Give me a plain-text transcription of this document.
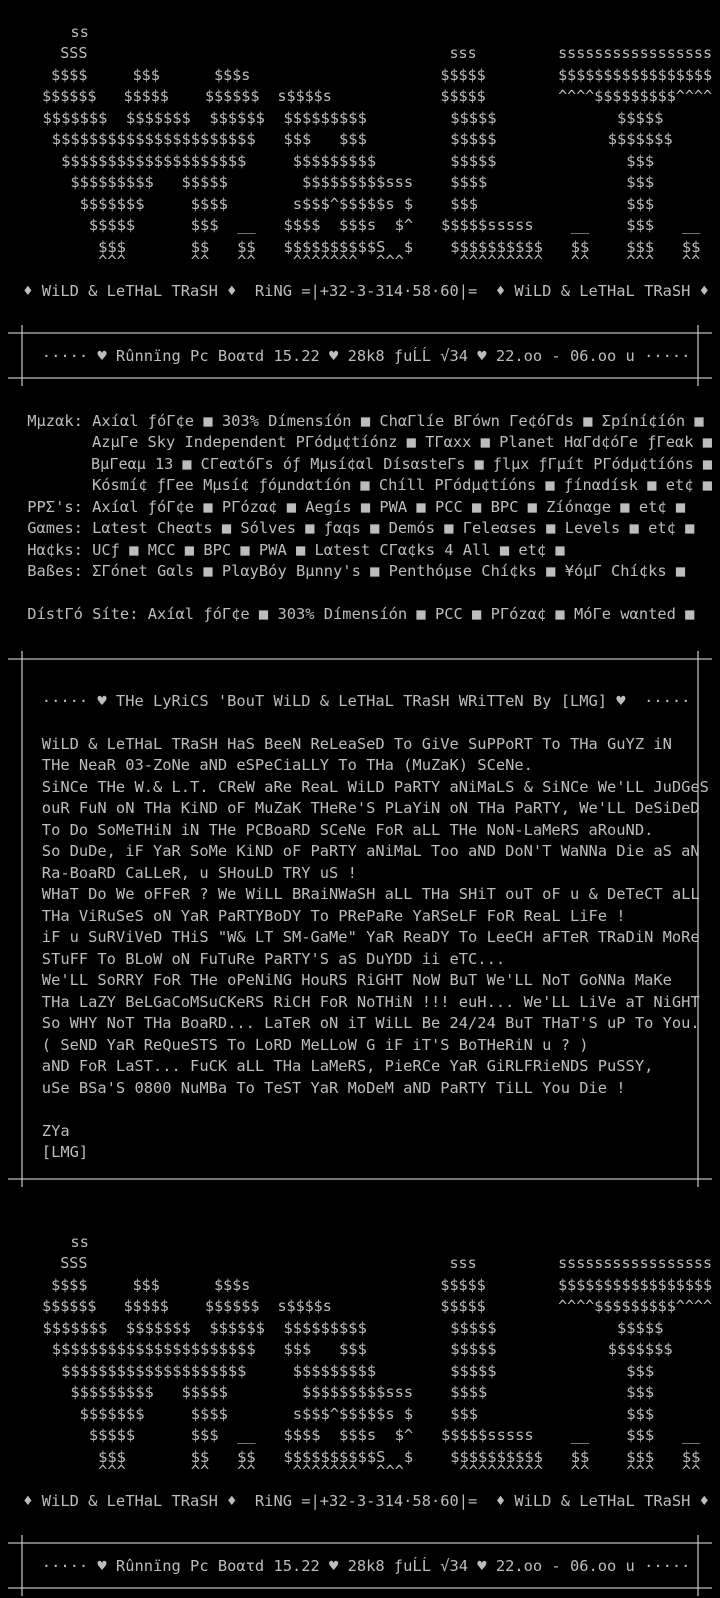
ss
SSS                                        sss         sssssssssssssssss
$$$$     $$$      $$$s                     $$$$$        $$$$$$$$$$$$$$$$$
$$$$$$   $$$$$    $$$$$$  s$$$$s            $$$$$        ^^^^$$$$$$$$$^^^^
$$$$$$$  $$$$$$$  $$$$$$  $$$$$$$$$         $$$$$             $$$$$
$$$$$$$$$$$$$$$$$$$$$$   $$$   $$$         $$$$$            $$$$$$$
$$$$$$$$$$$$$$$$$$$$     $$$$$$$$$        $$$$$              $$$
$$$$$$$$$   $$$$$        $$$$$$$$$sss    $$$$               $$$
$$$$$$$     $$$$       s$$$^$$$$$s $    $$$                $$$
$$$$$      $$$  __   $$$$  $$$s  $^   $$$$$sssss    __    $$$   __
$$$       $$   $$   $$$$$$$$$$S  $    $$$$$$$$$$   $$    $$$   $$
^^^       ^^   ^^    ^^^^^^^  ^^^      ^^^^^^^^^   ^^    ^^^   ^^
♦ WiLD & LeTHaL TRaSH ♦  RiNG =|+32-3-314·58·60|=  ♦ WiLD & LeTHaL TRaSH ♦
····· ♥ Rûnnïng Pc Boατd 15.22 ♥ 28k8 ƒuĹĹ √34 ♥ 22.oo - 06.oo u ·····
Mμzαk: Axíαl ƒóΓ¢e ■ 303% Dímensíón ■ ChαΓlíe BΓówn Γe¢óΓds ■ Σpíní¢íón ■
AzμΓe Sky Independent PΓódμ¢tíónz ■ TΓαxx ■ Planet HαΓd¢óΓe ƒΓeαk ■
BμΓeαμ 13 ■ CΓeαtóΓs óƒ Mμsí¢αl DísαsteΓs ■ ƒlμx ƒΓμít PΓódμ¢tíóns ■
Kósmí¢ ƒΓee Mμsí¢ ƒóμndαtíón ■ Chíll PΓódμ¢tíóns ■ ƒínαdísk ■ et¢ ■
PPΣ's: Axíαl ƒóΓ¢e ■ PΓózα¢ ■ Aegís ■ PWA ■ PCC ■ BPC ■ Zíónαge ■ et¢ ■
Gαmes: Lαtest Cheαts ■ Sólves ■ ƒαqs ■ Demós ■ Γeleαses ■ Levels ■ et¢ ■
Hα¢ks: UCƒ ■ MCC ■ BPC ■ PWA ■ Lαtest CΓα¢ks 4 All ■ et¢ ■
Baßes: ΣΓónet Gαls ■ PlαyBóy Bμnny's ■ Penthóμse Chí¢ks ■ ¥óμΓ Chí¢ks ■
DístΓó Síte: Axíαl ƒóΓ¢e ■ 303% Dímensíón ■ PCC ■ PΓózα¢ ■ MóΓe wαnted ■
····· ♥ THe LyRiCS 'BouT WiLD & LeTHaL TRaSH WRiTTeN By [LMG] ♥  ·····
WiLD & LeTHaL TRaSH HaS BeeN ReLeaSeD To GiVe SuPPoRT To THa GuYZ iN
THe NeaR 03-ZoNe aND eSPeCiaLLY To THa (MuZaK) SCeNe.
SiNCe THe W.& L.T. CReW aRe ReaL WiLD PaRTY aNiMaLS & SiNCe We'LL JuDGeS
ouR FuN oN THa KiND oF MuZaK THeRe'S PLaYiN oN THa PaRTY, We'LL DeSiDeD
To Do SoMeTHiN iN THe PCBoaRD SCeNe FoR aLL THe NoN-LaMeRS aRouND.
So DuDe, iF YaR SoMe KiND oF PaRTY aNiMaL Too aND DoN'T WaNNa Die aS aN
Ra-BoaRD CaLLeR, u SHouLD TRY uS !
WHaT Do We oFFeR ? We WiLL BRaiNWaSH aLL THa SHiT ouT oF u & DeTeCT aLL
THa ViRuSeS oN YaR PaRTYBoDY To PRePaRe YaRSeLF FoR ReaL LiFe !
iF u SuRViVeD THiS "W& LT SM-GaMe" YaR ReaDY To LeeCH aFTeR TRaDiN MoRe
STuFF To BLoW oN FuTuRe PaRTY'S aS DuYDD ii eTC...
We'LL SoRRY FoR THe oPeNiNG HouRS RiGHT NoW BuT We'LL NoT GoNNa MaKe
THa LaZY BeLGaCoMSuCKeRS RiCH FoR NoTHiN !!! euH... We'LL LiVe aT NiGHT
So WHY NoT THa BoaRD... LaTeR oN iT WiLL Be 24/24 BuT THaT'S uP To You.
( SeND YaR ReQueSTS To LoRD MeLLoW G iF iT'S BoTHeRiN u ? )
aND FoR LaST... FuCK aLL THa LaMeRS, PieRCe YaR GiRLFRieNDS PuSSY,
uSe BSa'S 0800 NuMBa To TeST YaR MoDeM aND PaRTY TiLL You Die !
ZYa
[LMG]
ss
SSS                                        sss         sssssssssssssssss
$$$$     $$$      $$$s                     $$$$$        $$$$$$$$$$$$$$$$$
$$$$$$   $$$$$    $$$$$$  s$$$$s            $$$$$        ^^^^$$$$$$$$$^^^^
$$$$$$$  $$$$$$$  $$$$$$  $$$$$$$$$         $$$$$             $$$$$
$$$$$$$$$$$$$$$$$$$$$$   $$$   $$$         $$$$$            $$$$$$$
$$$$$$$$$$$$$$$$$$$$     $$$$$$$$$        $$$$$              $$$
$$$$$$$$$   $$$$$        $$$$$$$$$sss    $$$$               $$$
$$$$$$$     $$$$       s$$$^$$$$$s $    $$$                $$$
$$$$$      $$$  __   $$$$  $$$s  $^   $$$$$sssss    __    $$$   __
$$$       $$   $$   $$$$$$$$$$S  $    $$$$$$$$$$   $$    $$$   $$
^^^       ^^   ^^    ^^^^^^^  ^^^      ^^^^^^^^^   ^^    ^^^   ^^
♦ WiLD & LeTHaL TRaSH ♦  RiNG =|+32-3-314·58·60|=  ♦ WiLD & LeTHaL TRaSH ♦
····· ♥ Rûnnïng Pc Boατd 15.22 ♥ 28k8 ƒuĹĹ √34 ♥ 22.oo - 06.oo u ·····
